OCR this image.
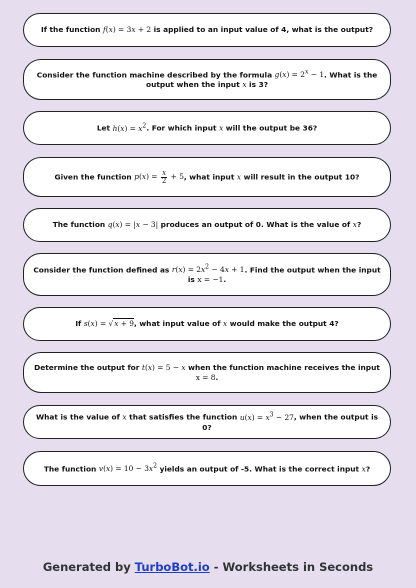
If the function f(x) = 3x + 2 is applied to an input value of 4, what is the output?
Consider the function machine described by the formula $g(x) = 2^x - 1$. What is the output when the input x is 3?
Let $h(x) = x^2$. For which input x will the output be 36?
Given the function $p(x) = \frac{x}{2} + 5$, what input x will result in the output 10?
The function q(x) = |x − 3| produces an output of 0. What is the value of x?
Consider the function defined as $r(x) = 2x^2 - 4x + 1$. Find the output when the input is x = −1.
If s(x) = √x + 9, what input value of x would make the output 4?
Determine the output for t(x) = 5 − x when the function machine receives the input x = 8.
What is the value of x that satisfies the function $u(x) = x^3 - 27$, when the output is 0?
The function $v(x) = 10 - 3x^2$ yields an output of -5. What is the correct input x?
Generated by TurboBot.io - Worksheets in Seconds
